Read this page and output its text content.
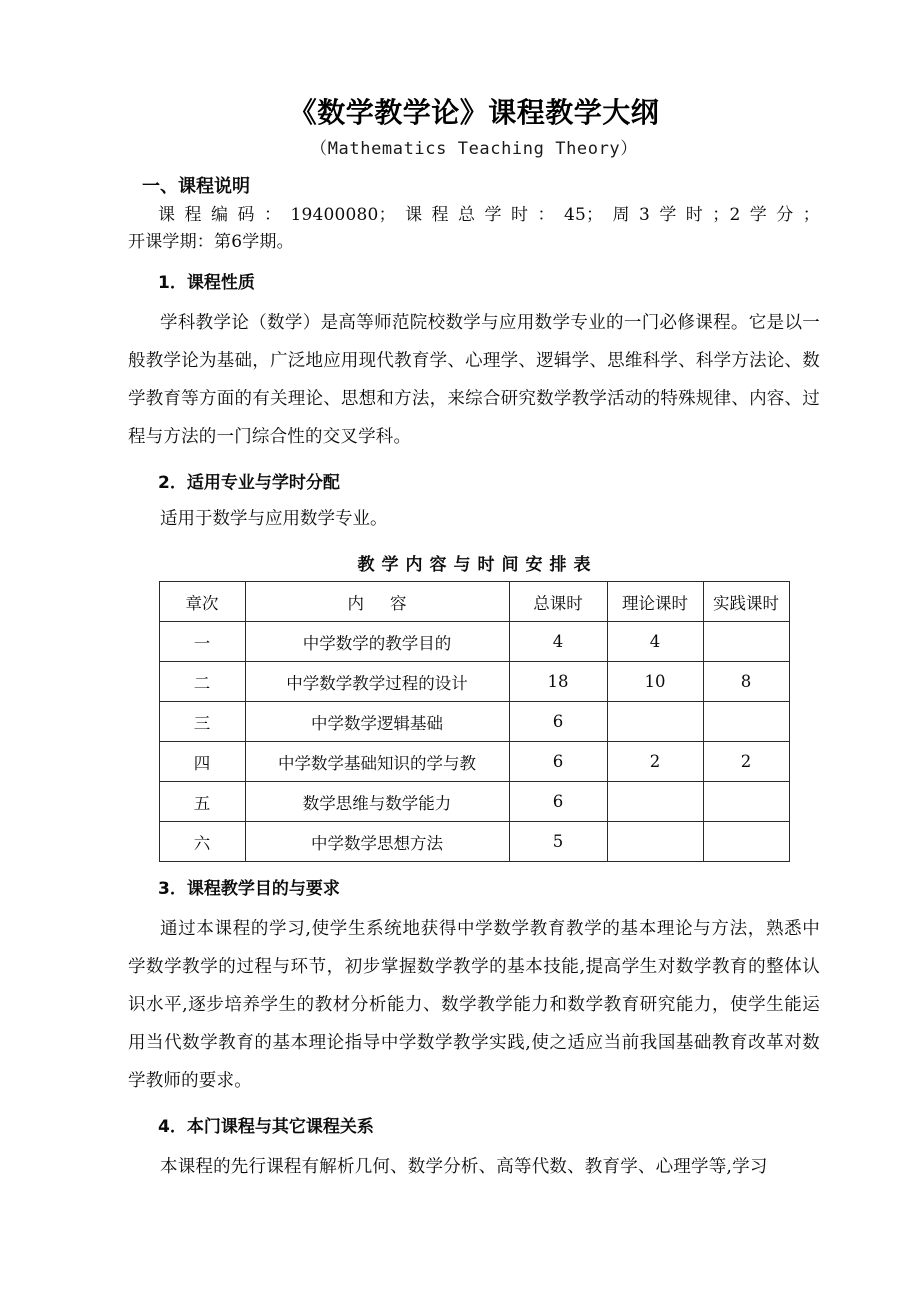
《数学教学论》课程教学大纲
（Mathematics Teaching Theory）
一、课程说明

课程编码：19400080；课程总学时：45；周3学时；2学分；

开课学期：第6学期。

1．课程性质

学科教学论（数学）是高等师范院校数学与应用数学专业的一门必修课程。它是以一般教学论为基础，广泛地应用现代教育学、心理学、逻辑学、思维科学、科学方法论、数学教育等方面的有关理论、思想和方法，来综合研究数学教学活动的特殊规律、内容、过程与方法的一门综合性的交叉学科。

2．适用专业与学时分配

适用于数学与应用数学专业。

教学内容与时间安排表
章次	内 容	总课时	理论课时	实践课时
一	中学数学的教学目的	4	4	
二	中学数学教学过程的设计	18	10	8
三	中学数学逻辑基础	6		
四	中学数学基础知识的学与教	6	2	2
五	数学思维与数学能力	6		
六	中学数学思想方法	5		
3．课程教学目的与要求

通过本课程的学习,使学生系统地获得中学数学教育教学的基本理论与方法，熟悉中学数学教学的过程与环节，初步掌握数学教学的基本技能,提高学生对数学教育的整体认识水平,逐步培养学生的教材分析能力、数学教学能力和数学教育研究能力，使学生能运用当代数学教育的基本理论指导中学数学教学实践,使之适应当前我国基础教育改革对数学教师的要求。

4．本门课程与其它课程关系

本课程的先行课程有解析几何、数学分析、高等代数、教育学、心理学等,学习
